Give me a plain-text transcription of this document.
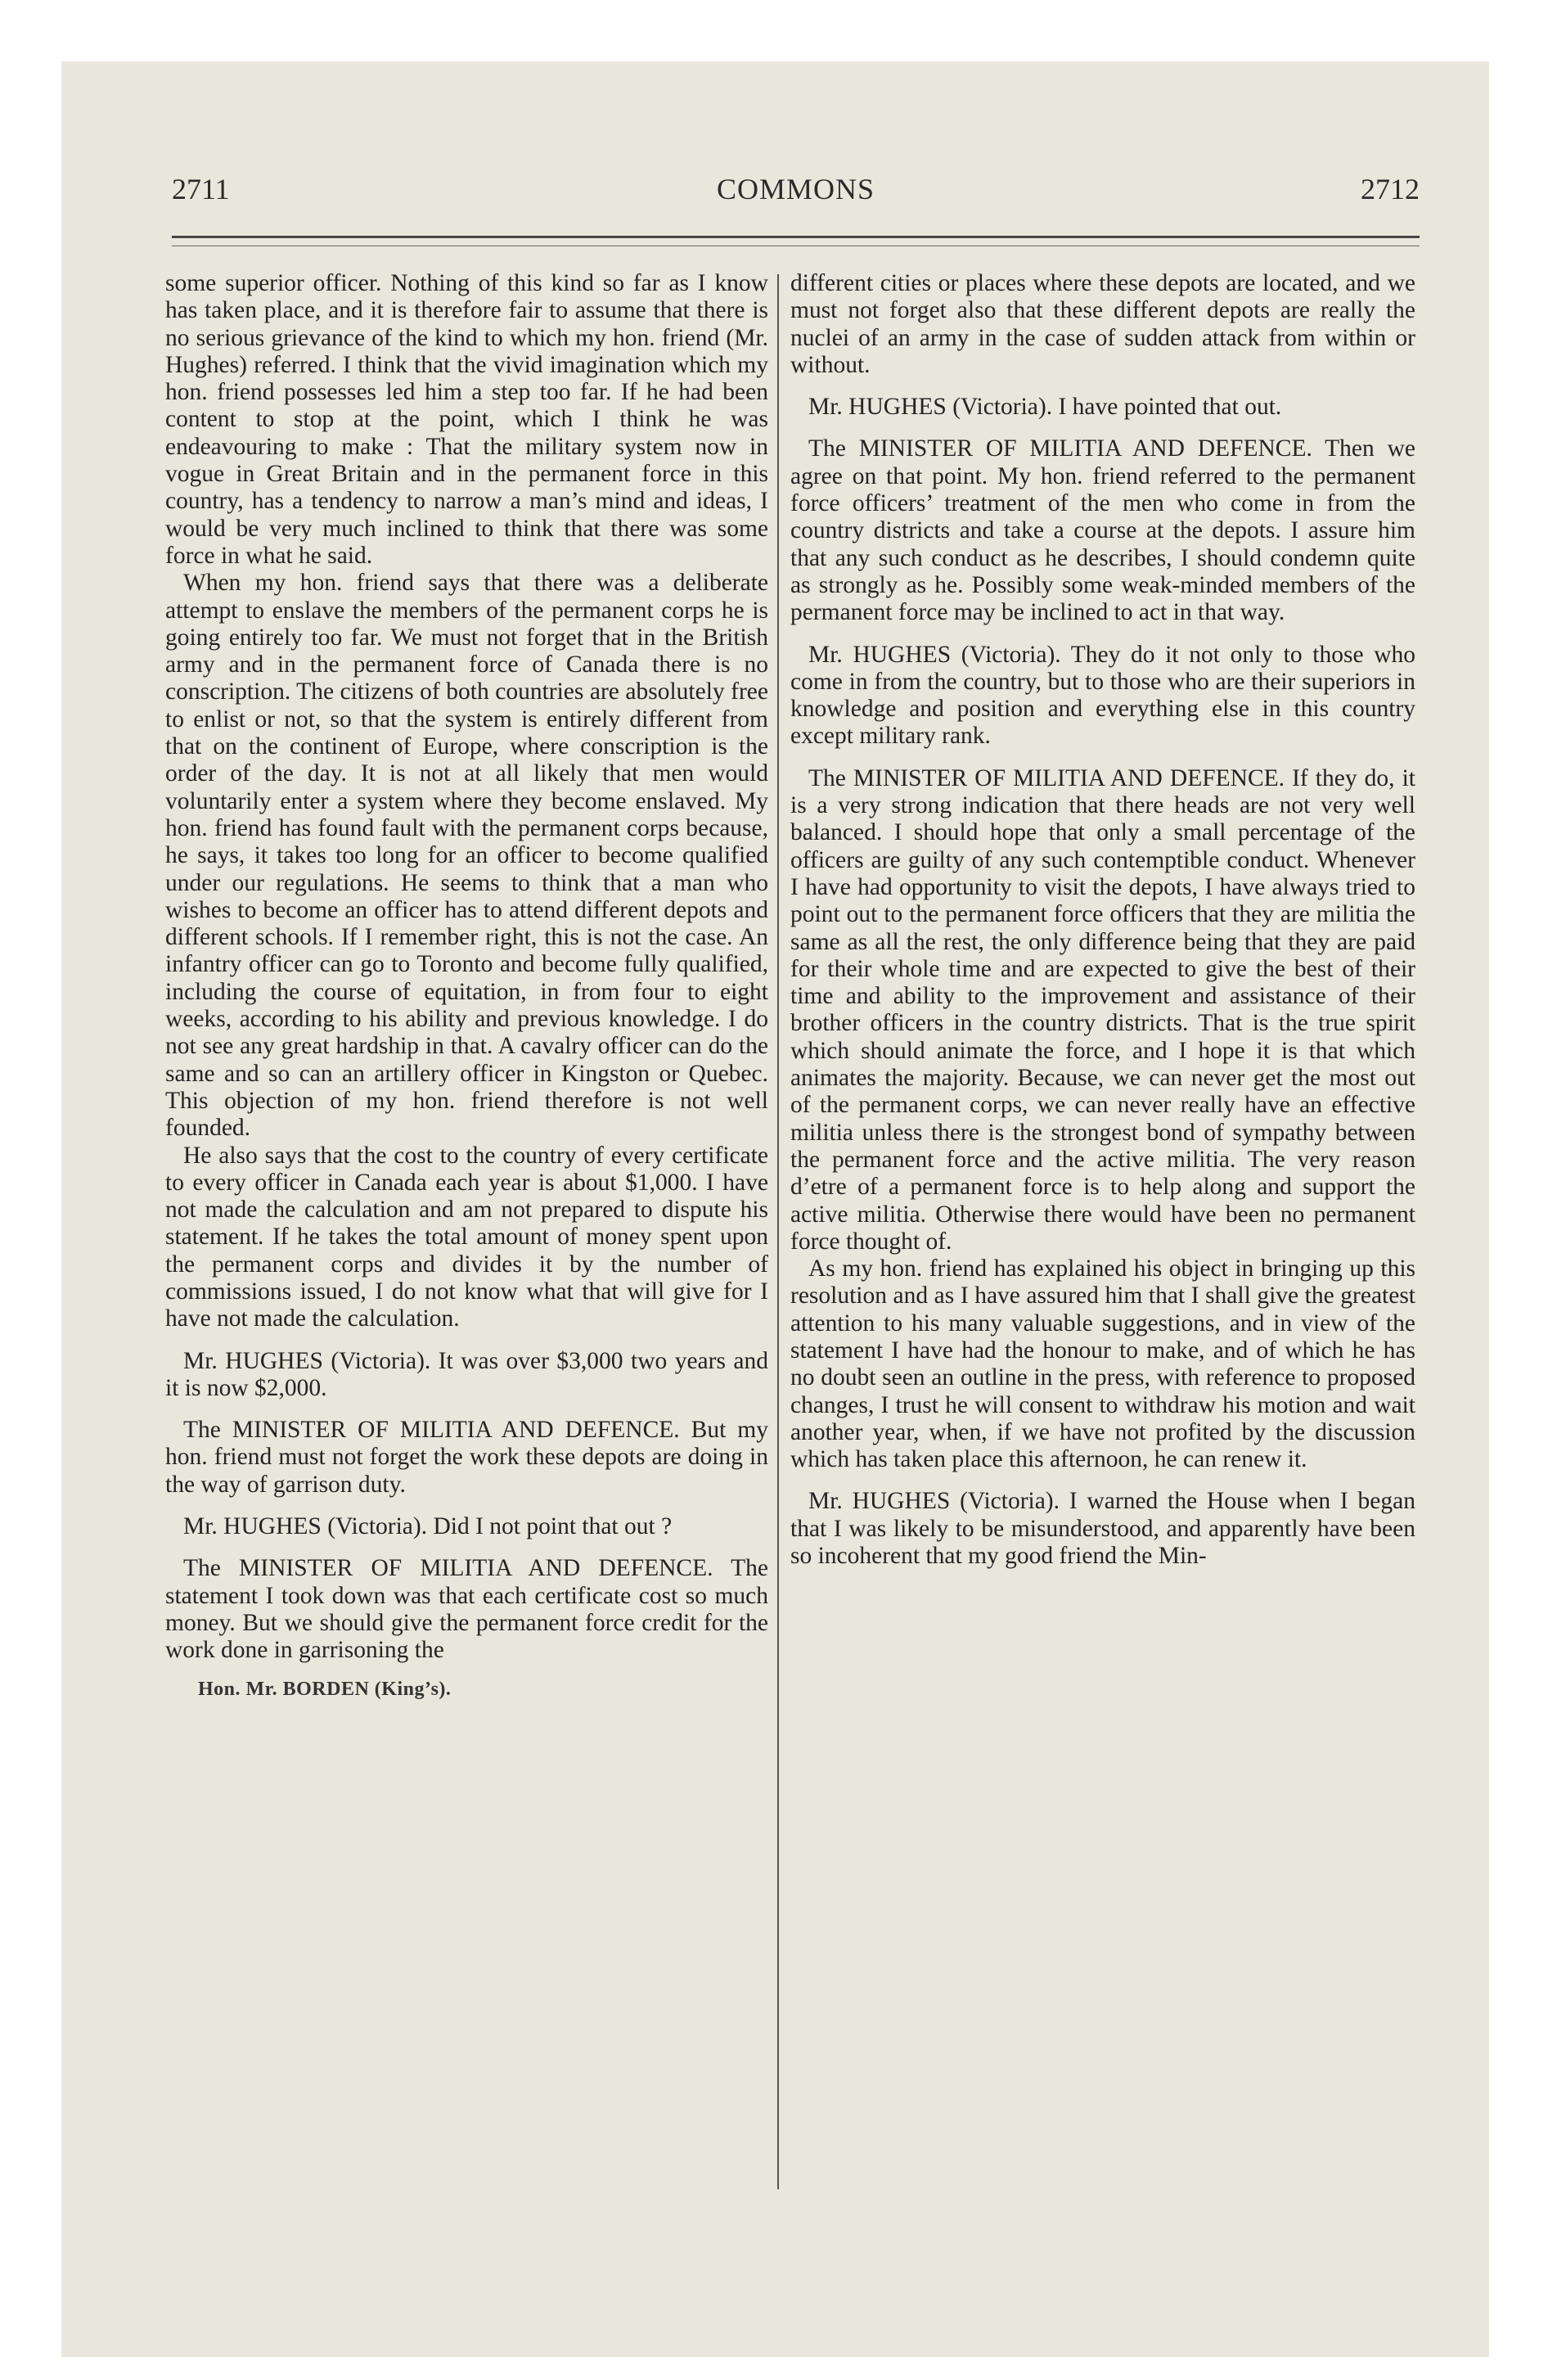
2711	COMMONS	2712

some superior officer. Nothing of this kind so far as I know has taken place, and it is therefore fair to assume that there is no serious grievance of the kind to which my hon. friend (Mr. Hughes) referred. I think that the vivid imagination which my hon. friend possesses led him a step too far. If he had been content to stop at the point, which I think he was endeavouring to make : That the military system now in vogue in Great Britain and in the permanent force in this country, has a tendency to narrow a man’s mind and ideas, I would be very much inclined to think that there was some force in what he said.

When my hon. friend says that there was a deliberate attempt to enslave the members of the permanent corps he is going entirely too far. We must not forget that in the British army and in the permanent force of Canada there is no conscription. The citizens of both countries are absolutely free to enlist or not, so that the system is entirely different from that on the continent of Europe, where conscription is the order of the day. It is not at all likely that men would voluntarily enter a system where they become enslaved. My hon. friend has found fault with the permanent corps because, he says, it takes too long for an officer to become qualified under our regulations. He seems to think that a man who wishes to become an officer has to attend different depots and different schools. If I remember right, this is not the case. An infantry officer can go to Toronto and become fully qualified, including the course of equitation, in from four to eight weeks, according to his ability and previous knowledge. I do not see any great hardship in that. A cavalry officer can do the same and so can an artillery officer in Kingston or Quebec. This objection of my hon. friend therefore is not well founded.

He also says that the cost to the country of every certificate to every officer in Canada each year is about $1,000. I have not made the calculation and am not prepared to dispute his statement. If he takes the total amount of money spent upon the permanent corps and divides it by the number of commissions issued, I do not know what that will give for I have not made the calculation.

Mr. HUGHES (Victoria). It was over $3,000 two years and it is now $2,000.

The MINISTER OF MILITIA AND DEFENCE. But my hon. friend must not forget the work these depots are doing in the way of garrison duty.

Mr. HUGHES (Victoria). Did I not point that out ?

The MINISTER OF MILITIA AND DEFENCE. The statement I took down was that each certificate cost so much money. But we should give the permanent force credit for the work done in garrisoning the

Hon. Mr. BORDEN (King’s).

different cities or places where these depots are located, and we must not forget also that these different depots are really the nuclei of an army in the case of sudden attack from within or without.

Mr. HUGHES (Victoria). I have pointed that out.

The MINISTER OF MILITIA AND DEFENCE. Then we agree on that point. My hon. friend referred to the permanent force officers’ treatment of the men who come in from the country districts and take a course at the depots. I assure him that any such conduct as he describes, I should condemn quite as strongly as he. Possibly some weak-minded members of the permanent force may be inclined to act in that way.

Mr. HUGHES (Victoria). They do it not only to those who come in from the country, but to those who are their superiors in knowledge and position and everything else in this country except military rank.

The MINISTER OF MILITIA AND DEFENCE. If they do, it is a very strong indication that there heads are not very well balanced. I should hope that only a small percentage of the officers are guilty of any such contemptible conduct. Whenever I have had opportunity to visit the depots, I have always tried to point out to the permanent force officers that they are militia the same as all the rest, the only difference being that they are paid for their whole time and are expected to give the best of their time and ability to the improvement and assistance of their brother officers in the country districts. That is the true spirit which should animate the force, and I hope it is that which animates the majority. Because, we can never get the most out of the permanent corps, we can never really have an effective militia unless there is the strongest bond of sympathy between the permanent force and the active militia. The very reason d’etre of a permanent force is to help along and support the active militia. Otherwise there would have been no permanent force thought of.

As my hon. friend has explained his object in bringing up this resolution and as I have assured him that I shall give the greatest attention to his many valuable suggestions, and in view of the statement I have had the honour to make, and of which he has no doubt seen an outline in the press, with reference to proposed changes, I trust he will consent to withdraw his motion and wait another year, when, if we have not profited by the discussion which has taken place this afternoon, he can renew it.

Mr. HUGHES (Victoria). I warned the House when I began that I was likely to be misunderstood, and apparently have been so incoherent that my good friend the Min-
